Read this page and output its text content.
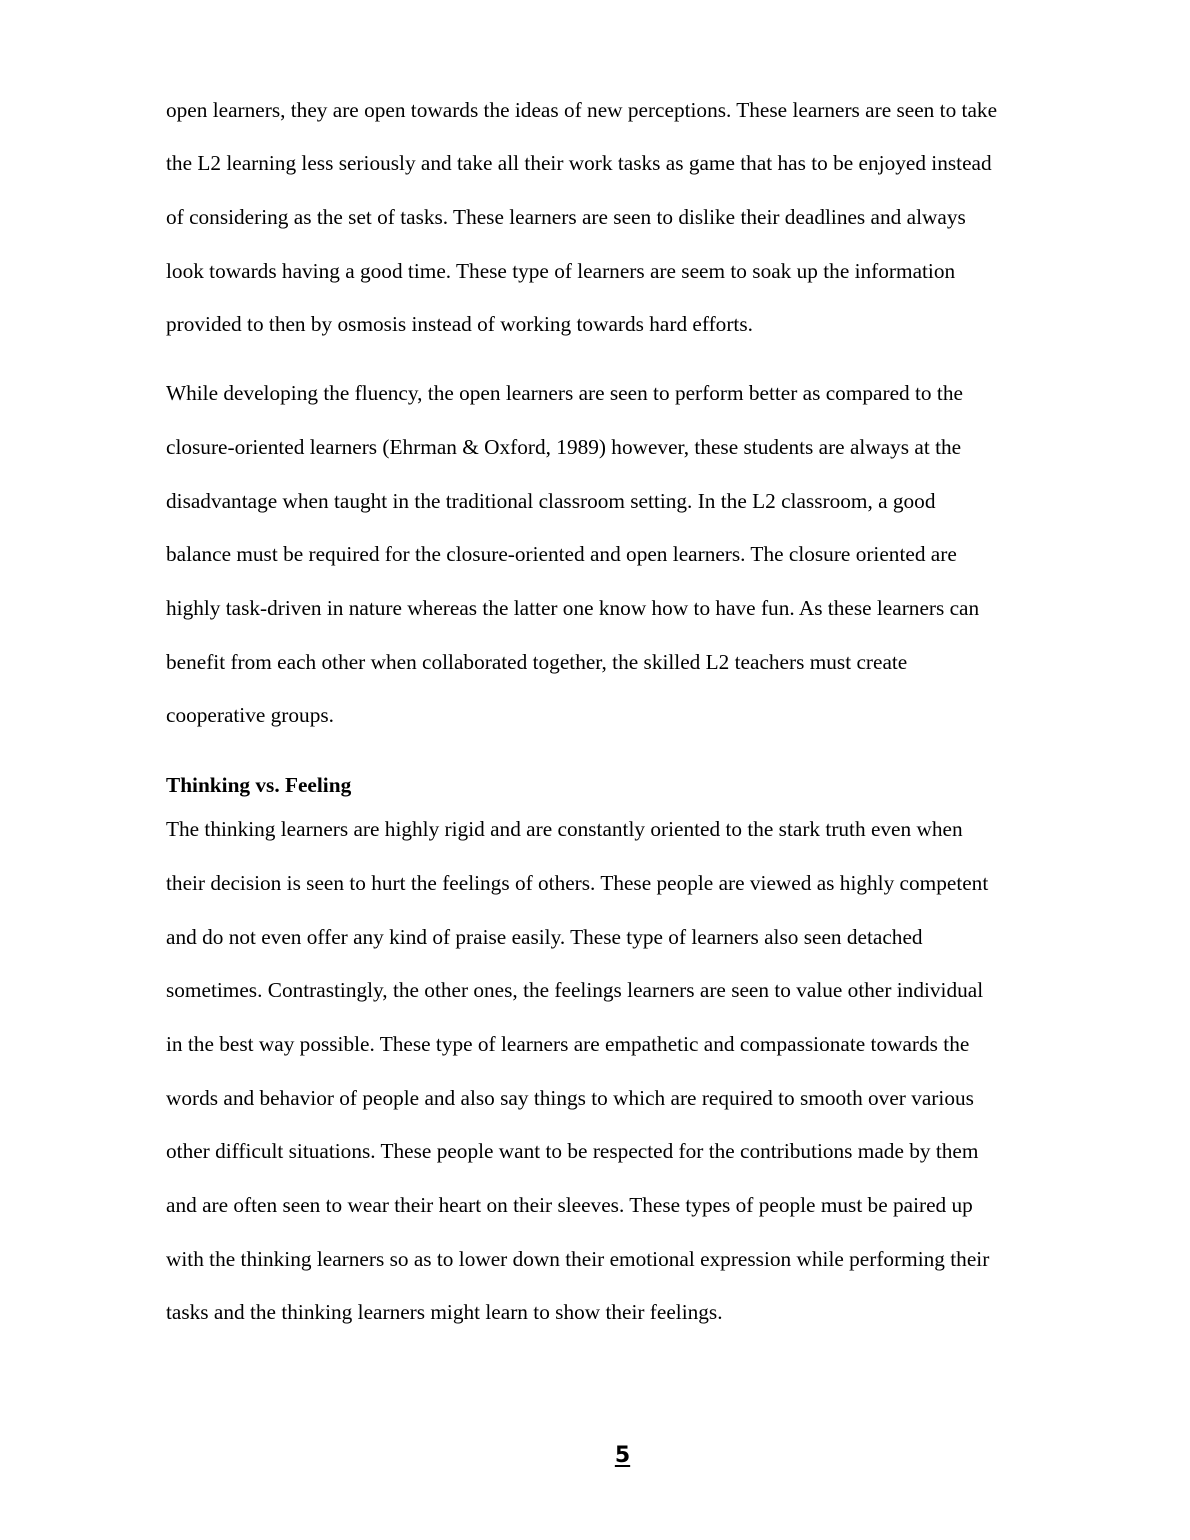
open learners, they are open towards the ideas of new perceptions. These learners are seen to take
the L2 learning less seriously and take all their work tasks as game that has to be enjoyed instead
of considering as the set of tasks. These learners are seen to dislike their deadlines and always
look towards having a good time. These type of learners are seem to soak up the information
provided to then by osmosis instead of working towards hard efforts.
While developing the fluency, the open learners are seen to perform better as compared to the
closure-oriented learners (Ehrman & Oxford, 1989) however, these students are always at the
disadvantage when taught in the traditional classroom setting. In the L2 classroom, a good
balance must be required for the closure-oriented and open learners. The closure oriented are
highly task-driven in nature whereas the latter one know how to have fun. As these learners can
benefit from each other when collaborated together, the skilled L2 teachers must create
cooperative groups.
Thinking vs. Feeling
The thinking learners are highly rigid and are constantly oriented to the stark truth even when
their decision is seen to hurt the feelings of others. These people are viewed as highly competent
and do not even offer any kind of praise easily. These type of learners also seen detached
sometimes. Contrastingly, the other ones, the feelings learners are seen to value other individual
in the best way possible. These type of learners are empathetic and compassionate towards the
words and behavior of people and also say things to which are required to smooth over various
other difficult situations. These people want to be respected for the contributions made by them
and are often seen to wear their heart on their sleeves. These types of people must be paired up
with the thinking learners so as to lower down their emotional expression while performing their
tasks and the thinking learners might learn to show their feelings.
5
